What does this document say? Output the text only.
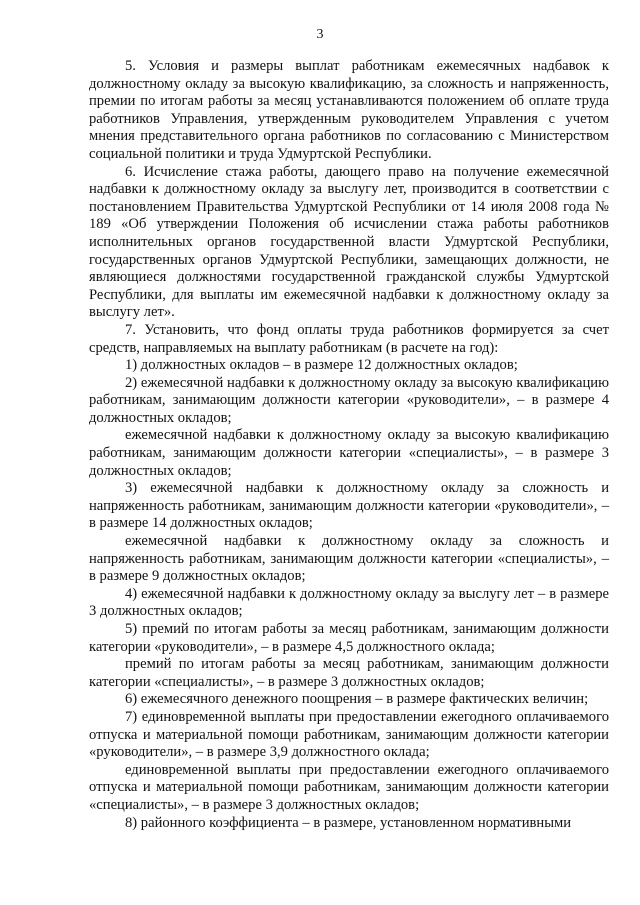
3

5. Условия и размеры выплат работникам ежемесячных надбавок к должностному окладу за высокую квалификацию, за сложность и напряженность, премии по итогам работы за месяц устанавливаются положением об оплате труда работников Управления, утвержденным руководителем Управления с учетом мнения представительного органа работников по согласованию с Министерством социальной политики и труда Удмуртской Республики.

6. Исчисление стажа работы, дающего право на получение ежемесячной надбавки к должностному окладу за выслугу лет, производится в соответствии с постановлением Правительства Удмуртской Республики от 14 июля 2008 года № 189 «Об утверждении Положения об исчислении стажа работы работников исполнительных органов государственной власти Удмуртской Республики, государственных органов Удмуртской Республики, замещающих должности, не являющиеся должностями государственной гражданской службы Удмуртской Республики, для выплаты им ежемесячной надбавки к должностному окладу за выслугу лет».

7. Установить, что фонд оплаты труда работников формируется за счет средств, направляемых на выплату работникам (в расчете на год):

1) должностных окладов – в размере 12 должностных окладов;

2) ежемесячной надбавки к должностному окладу за высокую квалификацию работникам, занимающим должности категории «руководители», – в размере 4 должностных окладов;

ежемесячной надбавки к должностному окладу за высокую квалификацию работникам, занимающим должности категории «специалисты», – в размере 3 должностных окладов;

3) ежемесячной надбавки к должностному окладу за сложность и напряженность работникам, занимающим должности категории «руководители», – в размере 14 должностных окладов;

ежемесячной надбавки к должностному окладу за сложность и напряженность работникам, занимающим должности категории «специалисты», – в размере 9 должностных окладов;

4) ежемесячной надбавки к должностному окладу за выслугу лет – в размере 3 должностных окладов;

5) премий по итогам работы за месяц работникам, занимающим должности категории «руководители», – в размере 4,5 должностного оклада;

премий по итогам работы за месяц работникам, занимающим должности категории «специалисты», – в размере 3 должностных окладов;

6) ежемесячного денежного поощрения – в размере фактических величин;

7) единовременной выплаты при предоставлении ежегодного оплачиваемого отпуска и материальной помощи работникам, занимающим должности категории «руководители», – в размере 3,9 должностного оклада;

единовременной выплаты при предоставлении ежегодного оплачиваемого отпуска и материальной помощи работникам, занимающим должности категории «специалисты», – в размере 3 должностных окладов;

8) районного коэффициента – в размере, установленном нормативными
